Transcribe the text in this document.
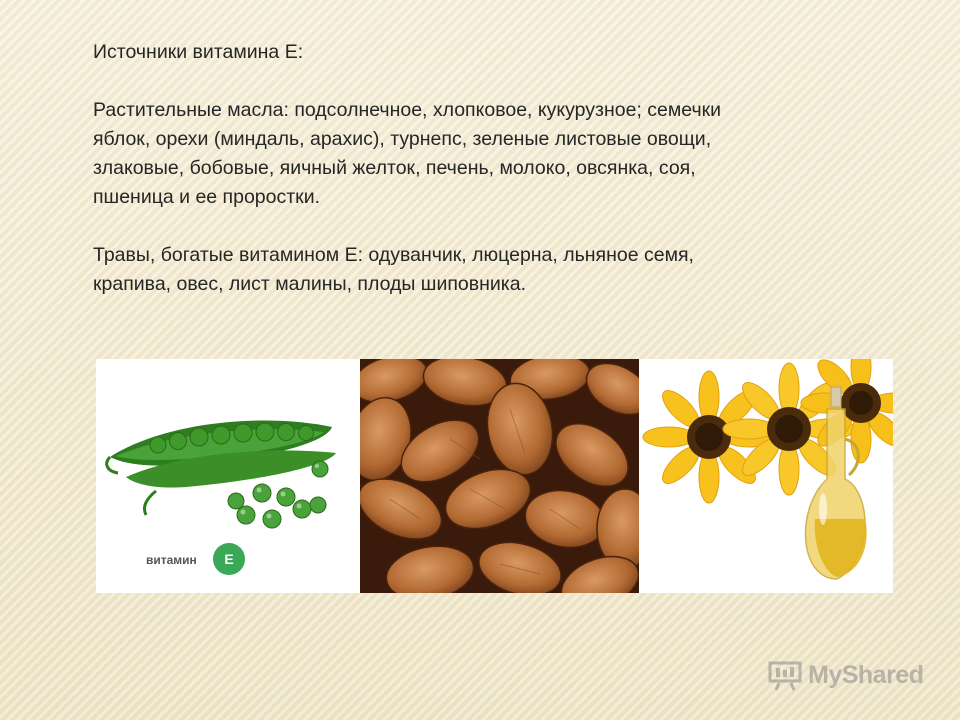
Источники витамина Е:

Растительные масла: подсолнечное, хлопковое, кукурузное; семечки

яблок, орехи (миндаль, арахис), турнепс, зеленые листовые овощи,

злаковые, бобовые, яичный желток, печень, молоко, овсянка, соя,

пшеница и ее проростки.

Травы, богатые витамином Е: одуванчик, люцерна, льняное семя,

крапива, овес, лист малины, плоды шиповника.

витамин E
MyShared
